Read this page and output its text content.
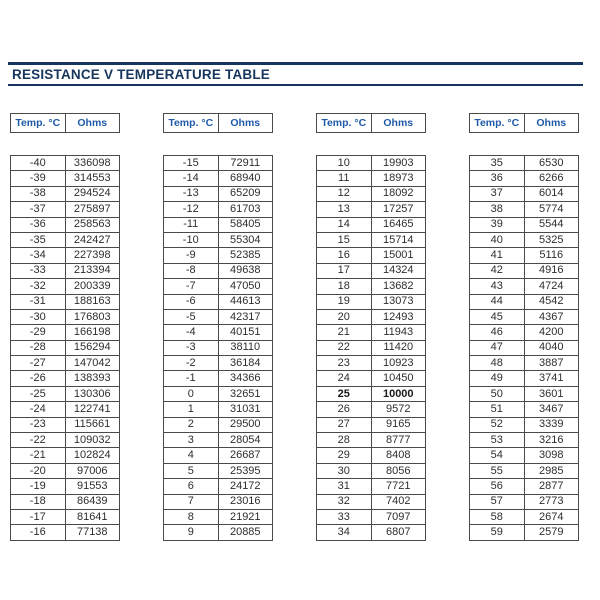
RESISTANCE V TEMPERATURE TABLE
Temp. °C	Ohms
-40	336098
-39	314553
-38	294524
-37	275897
-36	258563
-35	242427
-34	227398
-33	213394
-32	200339
-31	188163
-30	176803
-29	166198
-28	156294
-27	147042
-26	138393
-25	130306
-24	122741
-23	115661
-22	109032
-21	102824
-20	97006
-19	91553
-18	86439
-17	81641
-16	77138
Temp. °C	Ohms
-15	72911
-14	68940
-13	65209
-12	61703
-11	58405
-10	55304
-9	52385
-8	49638
-7	47050
-6	44613
-5	42317
-4	40151
-3	38110
-2	36184
-1	34366
0	32651
1	31031
2	29500
3	28054
4	26687
5	25395
6	24172
7	23016
8	21921
9	20885
Temp. °C	Ohms
10	19903
11	18973
12	18092
13	17257
14	16465
15	15714
16	15001
17	14324
18	13682
19	13073
20	12493
21	11943
22	11420
23	10923
24	10450
25	10000
26	9572
27	9165
28	8777
29	8408
30	8056
31	7721
32	7402
33	7097
34	6807
Temp. °C	Ohms
35	6530
36	6266
37	6014
38	5774
39	5544
40	5325
41	5116
42	4916
43	4724
44	4542
45	4367
46	4200
47	4040
48	3887
49	3741
50	3601
51	3467
52	3339
53	3216
54	3098
55	2985
56	2877
57	2773
58	2674
59	2579
